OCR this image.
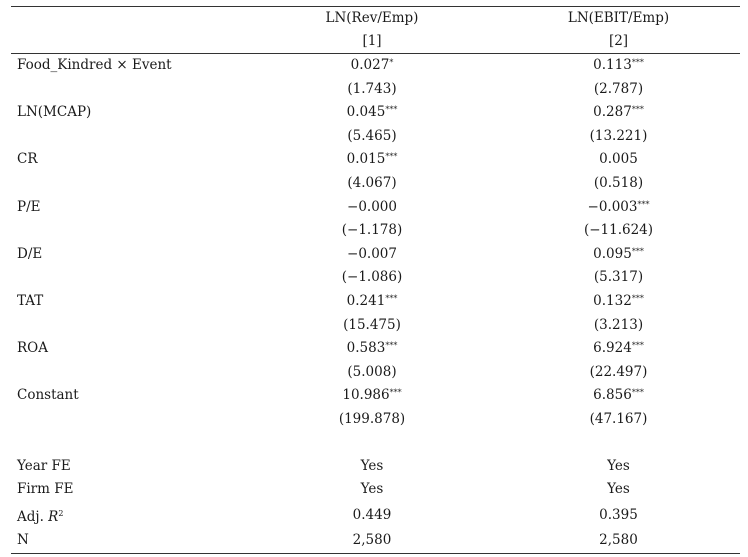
	LN(Rev/Emp)	LN(EBIT/Emp)
	[1]	[2]
Food_Kindred × Event	0.027*	0.113***
	(1.743)	(2.787)
LN(MCAP)	0.045***	0.287***
	(5.465)	(13.221)
CR	0.015***	0.005
	(4.067)	(0.518)
P/E	−0.000	−0.003***
	(−1.178)	(−11.624)
D/E	−0.007	0.095***
	(−1.086)	(5.317)
TAT	0.241***	0.132***
	(15.475)	(3.213)
ROA	0.583***	6.924***
	(5.008)	(22.497)
Constant	10.986***	6.856***
	(199.878)	(47.167)

Year FE	Yes	Yes
Firm FE	Yes	Yes
Adj. $R^2$	0.449	0.395
N	2,580	2,580
